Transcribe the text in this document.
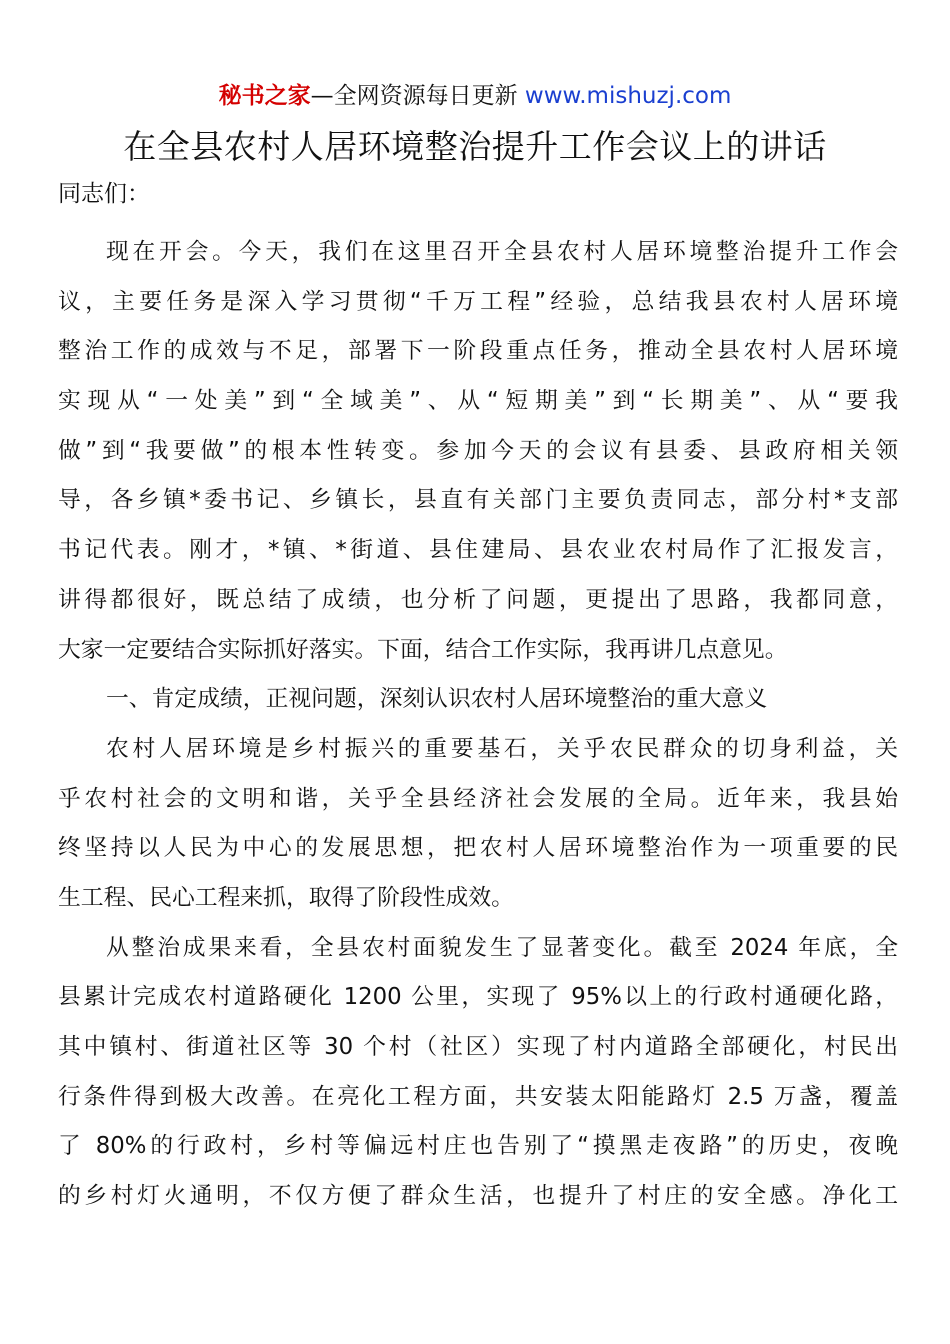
秘书之家—全网资源每日更新 www.mishuzj.com
在全县农村人居环境整治提升工作会议上的讲话
同志们：
现在开会。今天，我们在这里召开全县农村人居环境整治提升工作会
议，主要任务是深入学习贯彻“千万工程”经验，总结我县农村人居环境
整治工作的成效与不足，部署下一阶段重点任务，推动全县农村人居环境
实现从“一处美”到“全域美”、从“短期美”到“长期美”、从“要我
做”到“我要做”的根本性转变。参加今天的会议有县委、县政府相关领
导，各乡镇*委书记、乡镇长，县直有关部门主要负责同志，部分村*支部
书记代表。刚才，*镇、*街道、县住建局、县农业农村局作了汇报发言，
讲得都很好，既总结了成绩，也分析了问题，更提出了思路，我都同意，
大家一定要结合实际抓好落实。下面，结合工作实际，我再讲几点意见。
一、肯定成绩，正视问题，深刻认识农村人居环境整治的重大意义
农村人居环境是乡村振兴的重要基石，关乎农民群众的切身利益，关
乎农村社会的文明和谐，关乎全县经济社会发展的全局。近年来，我县始
终坚持以人民为中心的发展思想，把农村人居环境整治作为一项重要的民
生工程、民心工程来抓，取得了阶段性成效。
从整治成果来看，全县农村面貌发生了显著变化。截至 2024 年底，全
县累计完成农村道路硬化 1200 公里，实现了 95%以上的行政村通硬化路，
其中镇村、街道社区等 30 个村（社区）实现了村内道路全部硬化，村民出
行条件得到极大改善。在亮化工程方面，共安装太阳能路灯 2.5 万盏，覆盖
了 80%的行政村，乡村等偏远村庄也告别了“摸黑走夜路”的历史，夜晚
的乡村灯火通明，不仅方便了群众生活，也提升了村庄的安全感。净化工
